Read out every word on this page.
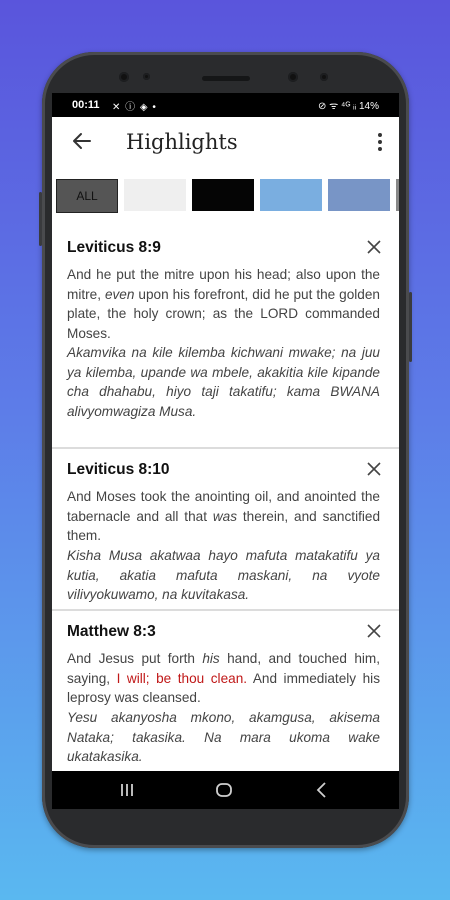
00:11 ✕ ⓘ ◈ •	⊘ ᯤ ⁴ᴳ ᵢᵢ 14%
Highlights
ALL
Leviticus 8:9
And he put the mitre upon his head; also upon the mitre, even upon his forefront, did he put the golden plate, the holy crown; as the LORD commanded Moses.
Akamvika na kile kilemba kichwani mwake; na juu ya kilemba, upande wa mbele, akakitia kile kipande cha dhahabu, hiyo taji takatifu; kama BWANA alivyomwagiza Musa.
Leviticus 8:10
And Moses took the anointing oil, and anointed the tabernacle and all that was therein, and sanctified them.
Kisha Musa akatwaa hayo mafuta matakatifu ya kutia, akatia mafuta maskani, na vyote vilivyokuwamo, na kuvitakasa.
Matthew 8:3
And Jesus put forth his hand, and touched him, saying, I will; be thou clean. And immediately his leprosy was cleansed.
Yesu akanyosha mkono, akamgusa, akisema Nataka; takasika. Na mara ukoma wake ukatakasika.
